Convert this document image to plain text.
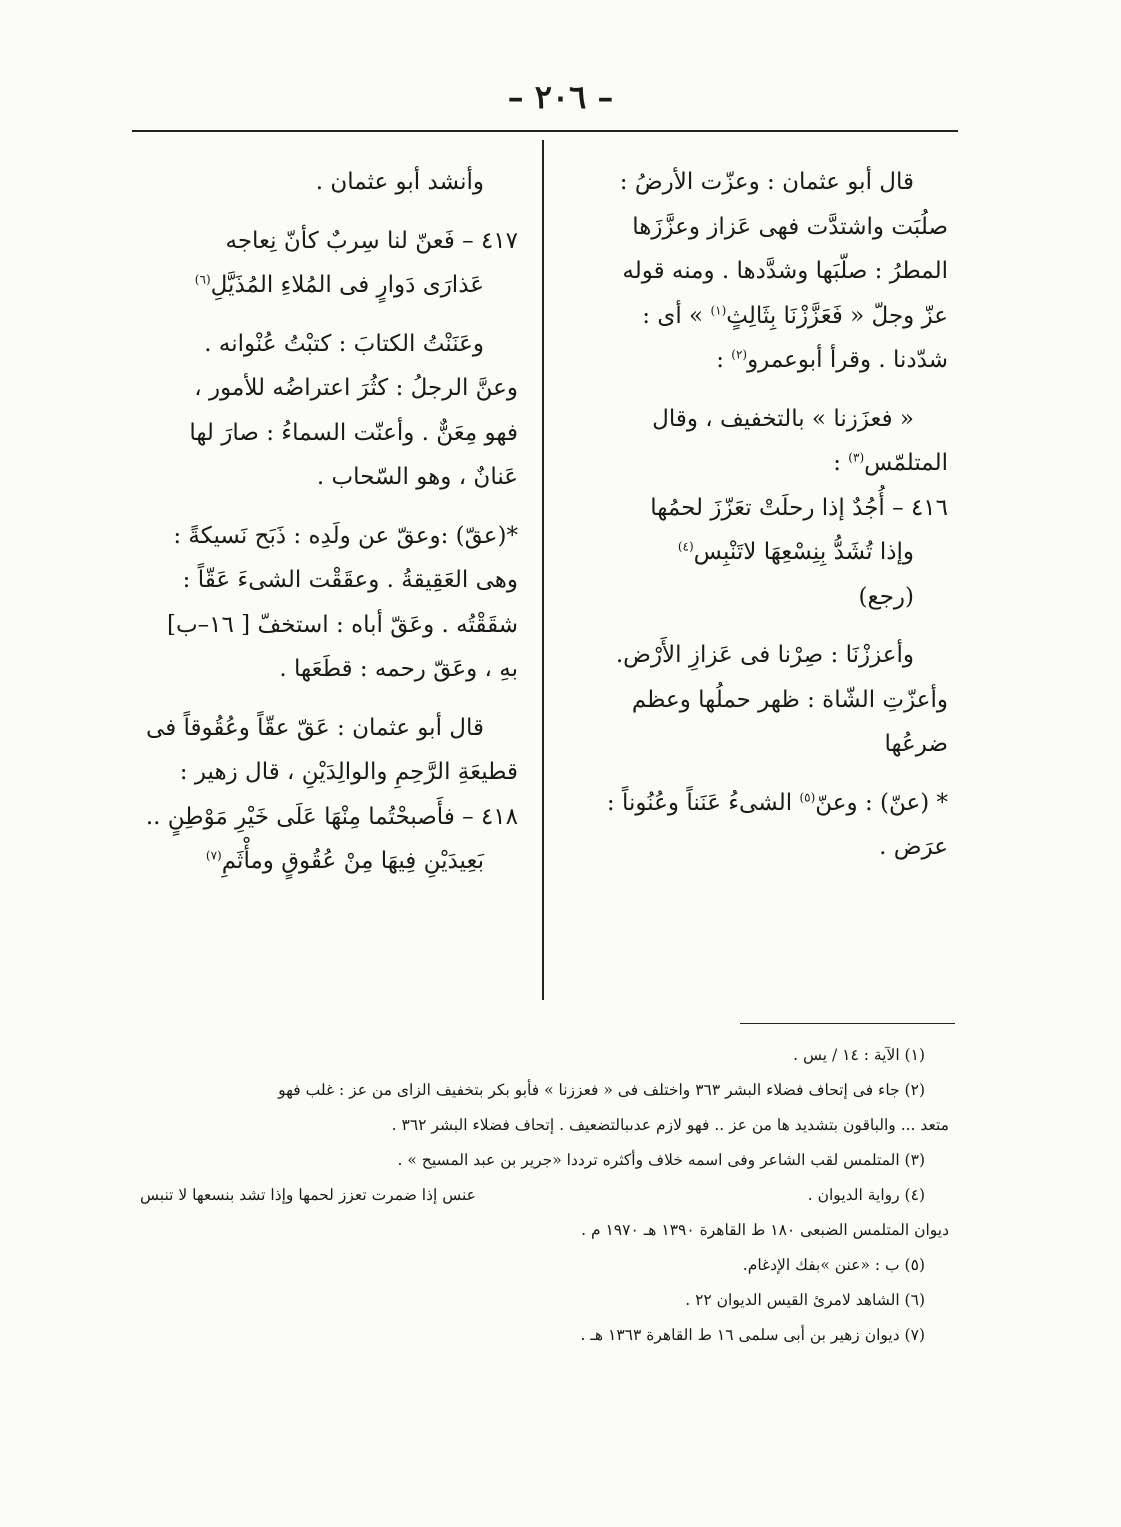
– ٢٠٦ –

قال أبو عثمان : وعزّت الأرضُ :

صلُبَت واشتدَّت فهى عَزاز وعزَّزَها

المطرُ : صلّبَها وشدَّدها . ومنه قوله

عزّ وجلّ « فَعَزَّزْنَا بِثَالِثٍ$^{(١)}$ » أى :

شدّدنا . وقرأ أبوعمرو$^{(٢)}$ :

« فعزَزنا » بالتخفيف ، وقال

المتلمّس$^{(٣)}$ :

٤١٦ – أُجُدٌ إذا رحلَتْ تعَزّزَ لحمُها

وإذا تُشَدُّ بِنِسْعِهَا لاتَنْبِس$^{(٤)}$

(رجع)

وأعززْنَا : صِرْنا فى عَزازِ الأَرْض.

وأعزّتِ الشّاة : ظهر حملُها وعظم

ضرعُها

* (عنّ) : وعنّ$^{(٥)}$ الشىءُ عَنَناً وعُنُوناً :

عرَض .

وأنشد أبو عثمان .

٤١٧ – فَعنّ لنا سِربٌ كأنّ نِعاجه

عَذارَى دَوارٍ فى المُلاءِ المُذَيَّلِ$^{(٦)}$

وعَنَنْتُ الكتابَ : كتبْتُ عُنْوانه .

وعنَّ الرجلُ : كثُرَ اعتراضُه للأمور ،

فهو مِعَنٌّ . وأعنّت السماءُ : صارَ لها

عَنانٌ ، وهو السّحاب .

*(عقّ) :وعقّ عن ولَدِه : ذَبَح نَسيكةً :

وهى العَقِيقةُ . وعقَقْت الشىءَ عَقّاً :

شقَقْتُه . وعَقّ أباه : استخفّ [ ١٦–ب]

بهِ ، وعَقّ رحمه : قطَعَها .

قال أبو عثمان : عَقّ عقّاً وعُقُوقاً فى

قطيعَةِ الرَّحِمِ والوالِدَيْنِ ، قال زهير :

٤١٨ – فأَصبحْتُما مِنْهَا عَلَى خَيْرِ مَوْطِنٍ ..

بَعِيدَيْنِ فِيهَا مِنْ عُقُوقٍ ومأْثَمِ$^{(٧)}$

(١) الآية : ١٤ / يس .

(٢) جاء فى إتحاف فضلاء البشر ٣٦٣ واختلف فى « فعززنا » فأبو بكر بتخفيف الزاى من عز : غلب فهو

متعد ... والباقون بتشديد ها من عز .. فهو لازم عدىبالتضعيف . إتحاف فضلاء البشر ٣٦٢ .

(٣) المتلمس لقب الشاعر وفى اسمه خلاف وأكثره ترددا «جرير بن عبد المسيح » .

(٤) رواية الديوان .
عنس إذا ضمرت تعزز لحمها وإذا تشد بنسعها لا تنبس

ديوان المتلمس الضبعى ١٨٠ ط القاهرة ١٣٩٠ هـ ١٩٧٠ م .

(٥) ب : «عنن »بفك الإدغام.

(٦) الشاهد لامرئ القيس الديوان ٢٢ .

(٧) ديوان زهير بن أبى سلمى ١٦ ط القاهرة ١٣٦٣ هـ .
